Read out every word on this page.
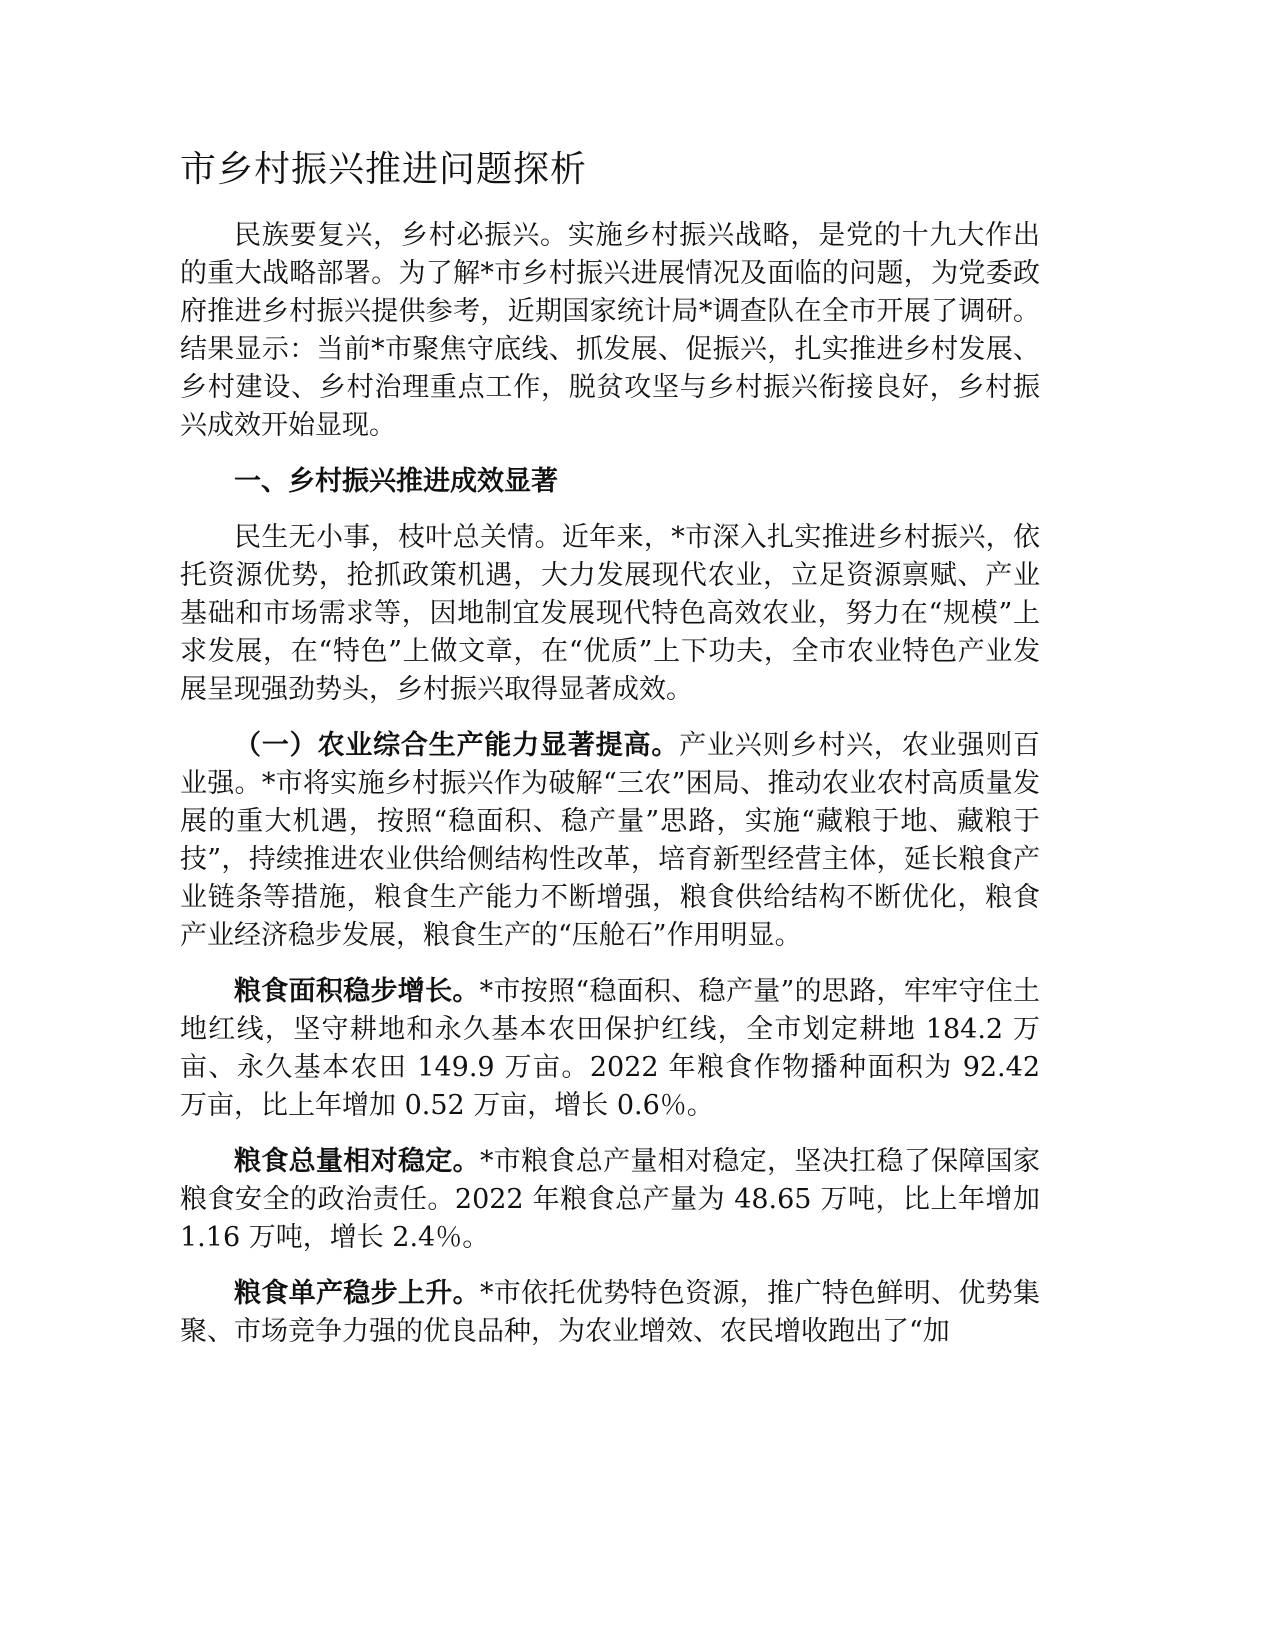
市乡村振兴推进问题探析

民族要复兴，乡村必振兴。实施乡村振兴战略，是党的十九大作出的重大战略部署。为了解*市乡村振兴进展情况及面临的问题，为党委政府推进乡村振兴提供参考，近期国家统计局*调查队在全市开展了调研。结果显示：当前*市聚焦守底线、抓发展、促振兴，扎实推进乡村发展、乡村建设、乡村治理重点工作，脱贫攻坚与乡村振兴衔接良好，乡村振兴成效开始显现。

一、乡村振兴推进成效显著

民生无小事，枝叶总关情。近年来，*市深入扎实推进乡村振兴，依托资源优势，抢抓政策机遇，大力发展现代农业，立足资源禀赋、产业基础和市场需求等，因地制宜发展现代特色高效农业，努力在“规模”上求发展，在“特色”上做文章，在“优质”上下功夫，全市农业特色产业发展呈现强劲势头，乡村振兴取得显著成效。

（一）农业综合生产能力显著提高。产业兴则乡村兴，农业强则百业强。*市将实施乡村振兴作为破解“三农”困局、推动农业农村高质量发展的重大机遇，按照“稳面积、稳产量”思路，实施“藏粮于地、藏粮于技”，持续推进农业供给侧结构性改革，培育新型经营主体，延长粮食产业链条等措施，粮食生产能力不断增强，粮食供给结构不断优化，粮食产业经济稳步发展，粮食生产的“压舱石”作用明显。

粮食面积稳步增长。*市按照“稳面积、稳产量”的思路，牢牢守住土地红线，坚守耕地和永久基本农田保护红线，全市划定耕地 184.2 万亩、永久基本农田 149.9 万亩。2022 年粮食作物播种面积为 92.42 万亩，比上年增加 0.52 万亩，增长 0.6％。

粮食总量相对稳定。*市粮食总产量相对稳定，坚决扛稳了保障国家粮食安全的政治责任。2022 年粮食总产量为 48.65 万吨，比上年增加 1.16 万吨，增长 2.4％。

粮食单产稳步上升。*市依托优势特色资源，推广特色鲜明、优势集聚、市场竞争力强的优良品种，为农业增效、农民增收跑出了“加
